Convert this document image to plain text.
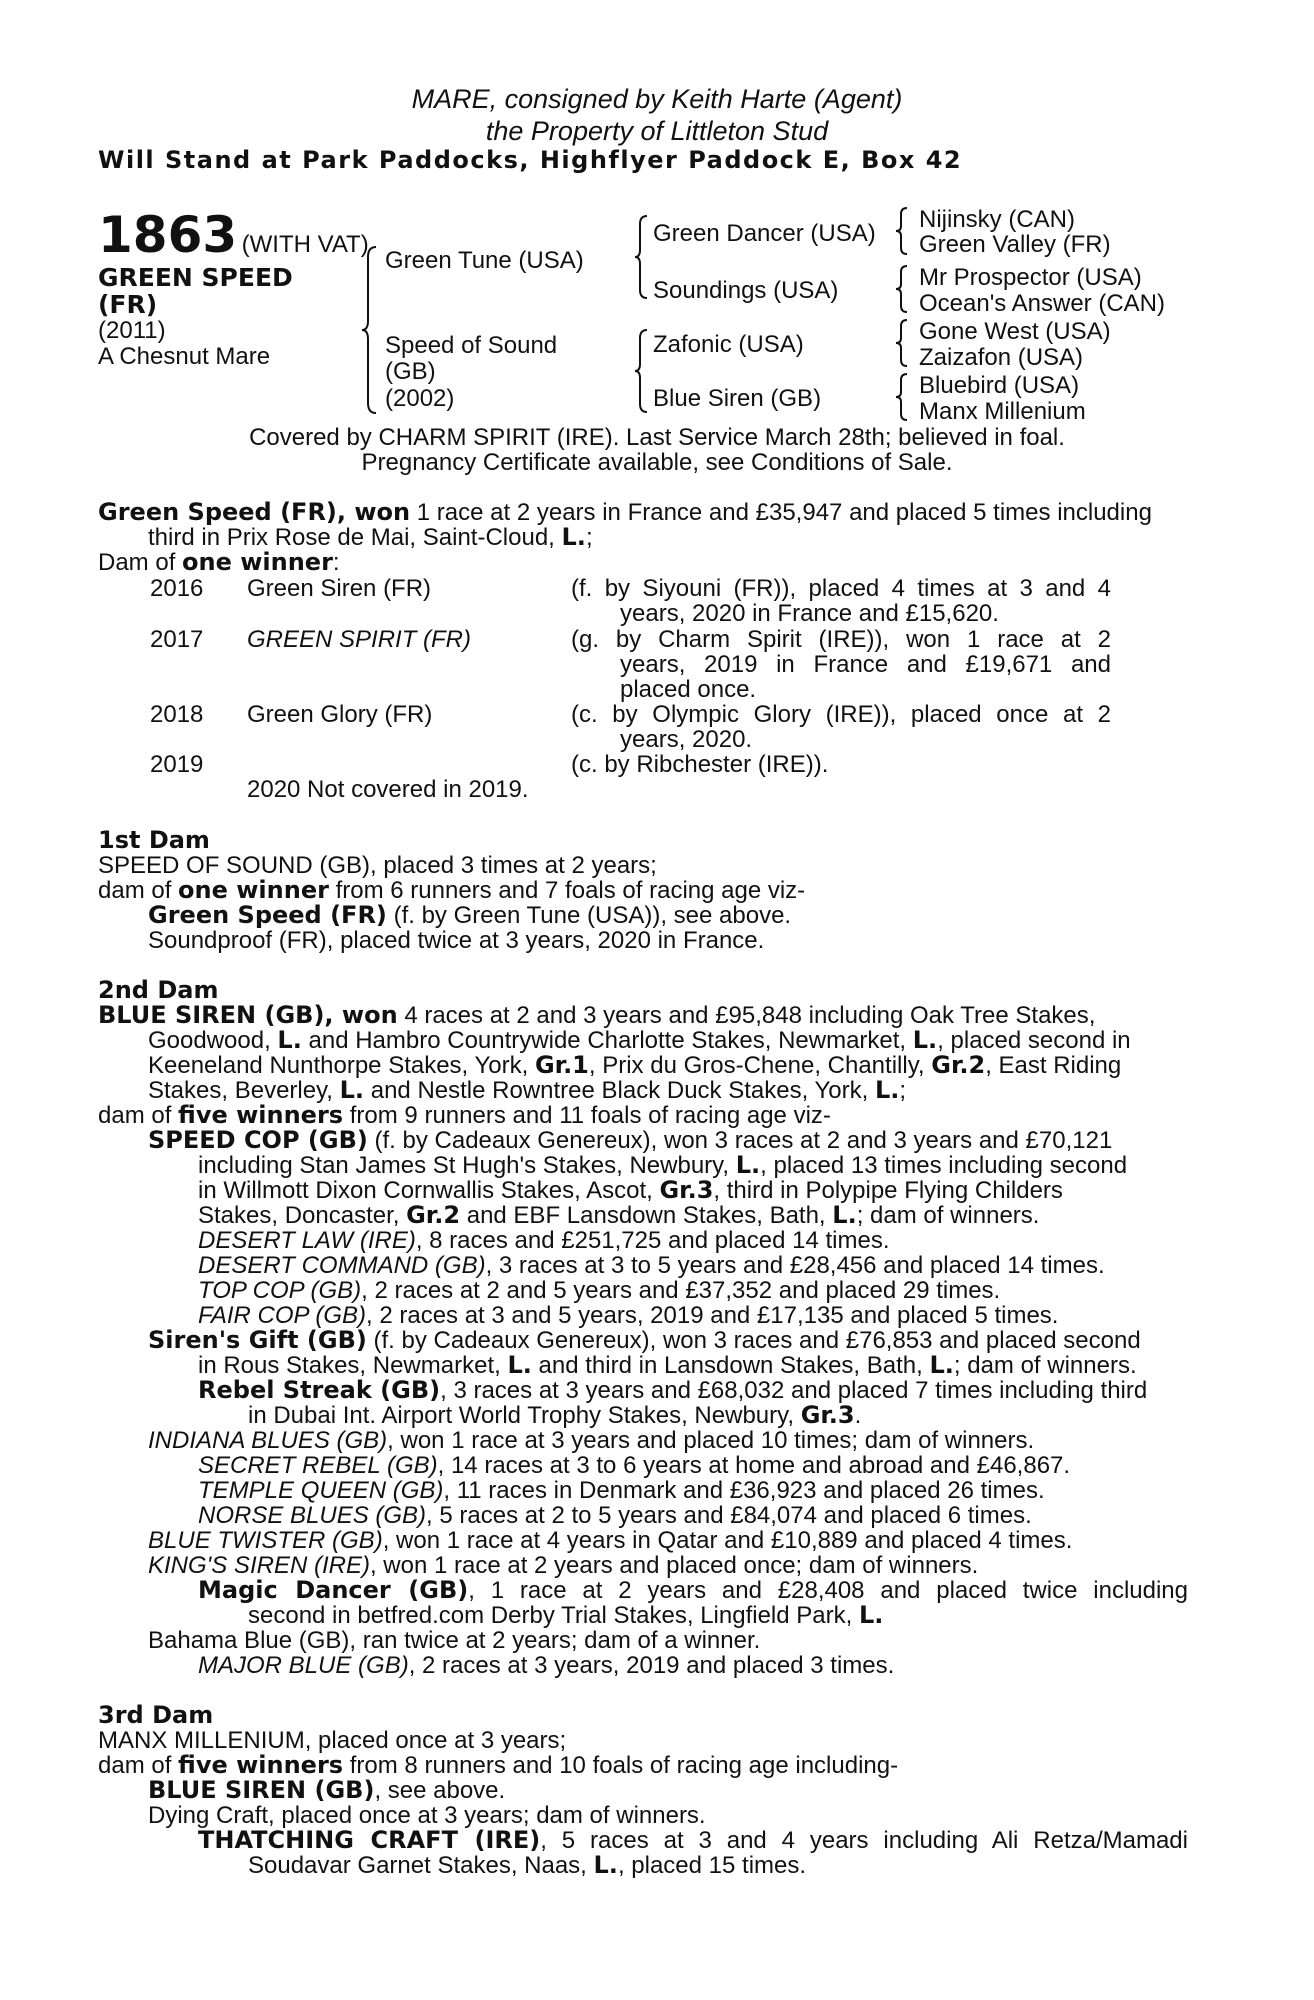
MARE, consigned by Keith Harte (Agent)
the Property of Littleton Stud
Will Stand at Park Paddocks, Highflyer Paddock E, Box 42
1863 (WITH VAT)
GREEN SPEED
(FR)
(2011)
A Chesnut Mare
Green Tune (USA)
Speed of Sound
(GB)
(2002)
Green Dancer (USA)
Soundings (USA)
Zafonic (USA)
Blue Siren (GB)
Nijinsky (CAN)
Green Valley (FR)
Mr Prospector (USA)
Ocean's Answer (CAN)
Gone West (USA)
Zaizafon (USA)
Bluebird (USA)
Manx Millenium
Covered by CHARM SPIRIT (IRE). Last Service March 28th; believed in foal.
Pregnancy Certificate available, see Conditions of Sale.
Green Speed (FR), won 1 race at 2 years in France and £35,947 and placed 5 times including
third in Prix Rose de Mai, Saint-Cloud, L.;
Dam of one winner:
2016 Green Siren (FR)	(f. by Siyouni (FR)), placed 4 times at 3 and 4
years, 2020 in France and £15,620.
2017 GREEN SPIRIT (FR)	(g. by Charm Spirit (IRE)), won 1 race at 2
years, 2019 in France and £19,671 and
placed once.
2018 Green Glory (FR)	(c. by Olympic Glory (IRE)), placed once at 2
years, 2020.
2019	(c. by Ribchester (IRE)).
2020 Not covered in 2019.
1st Dam
SPEED OF SOUND (GB), placed 3 times at 2 years;
dam of one winner from 6 runners and 7 foals of racing age viz-
Green Speed (FR) (f. by Green Tune (USA)), see above.
Soundproof (FR), placed twice at 3 years, 2020 in France.
2nd Dam
BLUE SIREN (GB), won 4 races at 2 and 3 years and £95,848 including Oak Tree Stakes,
Goodwood, L. and Hambro Countrywide Charlotte Stakes, Newmarket, L., placed second in
Keeneland Nunthorpe Stakes, York, Gr.1, Prix du Gros-Chene, Chantilly, Gr.2, East Riding
Stakes, Beverley, L. and Nestle Rowntree Black Duck Stakes, York, L.;
dam of five winners from 9 runners and 11 foals of racing age viz-
SPEED COP (GB) (f. by Cadeaux Genereux), won 3 races at 2 and 3 years and £70,121
including Stan James St Hugh's Stakes, Newbury, L., placed 13 times including second
in Willmott Dixon Cornwallis Stakes, Ascot, Gr.3, third in Polypipe Flying Childers
Stakes, Doncaster, Gr.2 and EBF Lansdown Stakes, Bath, L.; dam of winners.
DESERT LAW (IRE), 8 races and £251,725 and placed 14 times.
DESERT COMMAND (GB), 3 races at 3 to 5 years and £28,456 and placed 14 times.
TOP COP (GB), 2 races at 2 and 5 years and £37,352 and placed 29 times.
FAIR COP (GB), 2 races at 3 and 5 years, 2019 and £17,135 and placed 5 times.
Siren's Gift (GB) (f. by Cadeaux Genereux), won 3 races and £76,853 and placed second
in Rous Stakes, Newmarket, L. and third in Lansdown Stakes, Bath, L.; dam of winners.
Rebel Streak (GB), 3 races at 3 years and £68,032 and placed 7 times including third
in Dubai Int. Airport World Trophy Stakes, Newbury, Gr.3.
INDIANA BLUES (GB), won 1 race at 3 years and placed 10 times; dam of winners.
SECRET REBEL (GB), 14 races at 3 to 6 years at home and abroad and £46,867.
TEMPLE QUEEN (GB), 11 races in Denmark and £36,923 and placed 26 times.
NORSE BLUES (GB), 5 races at 2 to 5 years and £84,074 and placed 6 times.
BLUE TWISTER (GB), won 1 race at 4 years in Qatar and £10,889 and placed 4 times.
KING'S SIREN (IRE), won 1 race at 2 years and placed once; dam of winners.
Magic Dancer (GB), 1 race at 2 years and £28,408 and placed twice including
second in betfred.com Derby Trial Stakes, Lingfield Park, L.
Bahama Blue (GB), ran twice at 2 years; dam of a winner.
MAJOR BLUE (GB), 2 races at 3 years, 2019 and placed 3 times.
3rd Dam
MANX MILLENIUM, placed once at 3 years;
dam of five winners from 8 runners and 10 foals of racing age including-
BLUE SIREN (GB), see above.
Dying Craft, placed once at 3 years; dam of winners.
THATCHING CRAFT (IRE), 5 races at 3 and 4 years including Ali Retza/Mamadi
Soudavar Garnet Stakes, Naas, L., placed 15 times.
